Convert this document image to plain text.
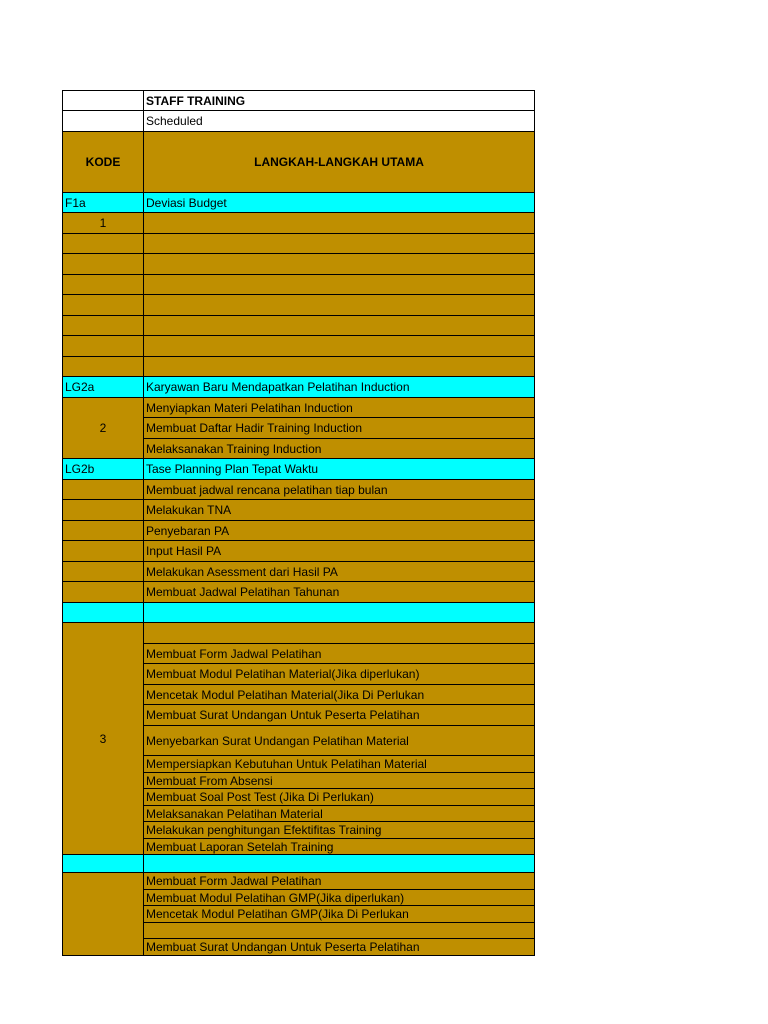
	STAFF TRAINING
	Scheduled
KODE	LANGKAH-LANGKAH UTAMA
F1a	Deviasi Budget
1	

LG2a	Karyawan Baru Mendapatkan Pelatihan Induction
2	Menyiapkan Materi Pelatihan Induction
	Membuat Daftar Hadir Training Induction
	Melaksanakan Training Induction
LG2b	Tase Planning Plan Tepat Waktu
	Membuat jadwal rencana pelatihan tiap bulan
	Melakukan TNA
	Penyebaran PA
	Input Hasil PA
	Melakukan Asessment dari Hasil PA
	Membuat Jadwal Pelatihan Tahunan

3	
	Membuat Form Jadwal Pelatihan
	Membuat Modul Pelatihan Material(Jika diperlukan)
	Mencetak Modul Pelatihan Material(Jika Di Perlukan
	Membuat Surat Undangan Untuk Peserta Pelatihan
	Menyebarkan Surat Undangan Pelatihan Material
	Mempersiapkan Kebutuhan Untuk Pelatihan Material
	Membuat From Absensi
	Membuat Soal Post Test (Jika Di Perlukan)
	Melaksanakan Pelatihan Material
	Melakukan penghitungan Efektifitas Training
	Membuat Laporan Setelah Training

	Membuat Form Jadwal Pelatihan
	Membuat Modul Pelatihan GMP(Jika diperlukan)
	Mencetak Modul Pelatihan GMP(Jika Di Perlukan

	Membuat Surat Undangan Untuk Peserta Pelatihan
